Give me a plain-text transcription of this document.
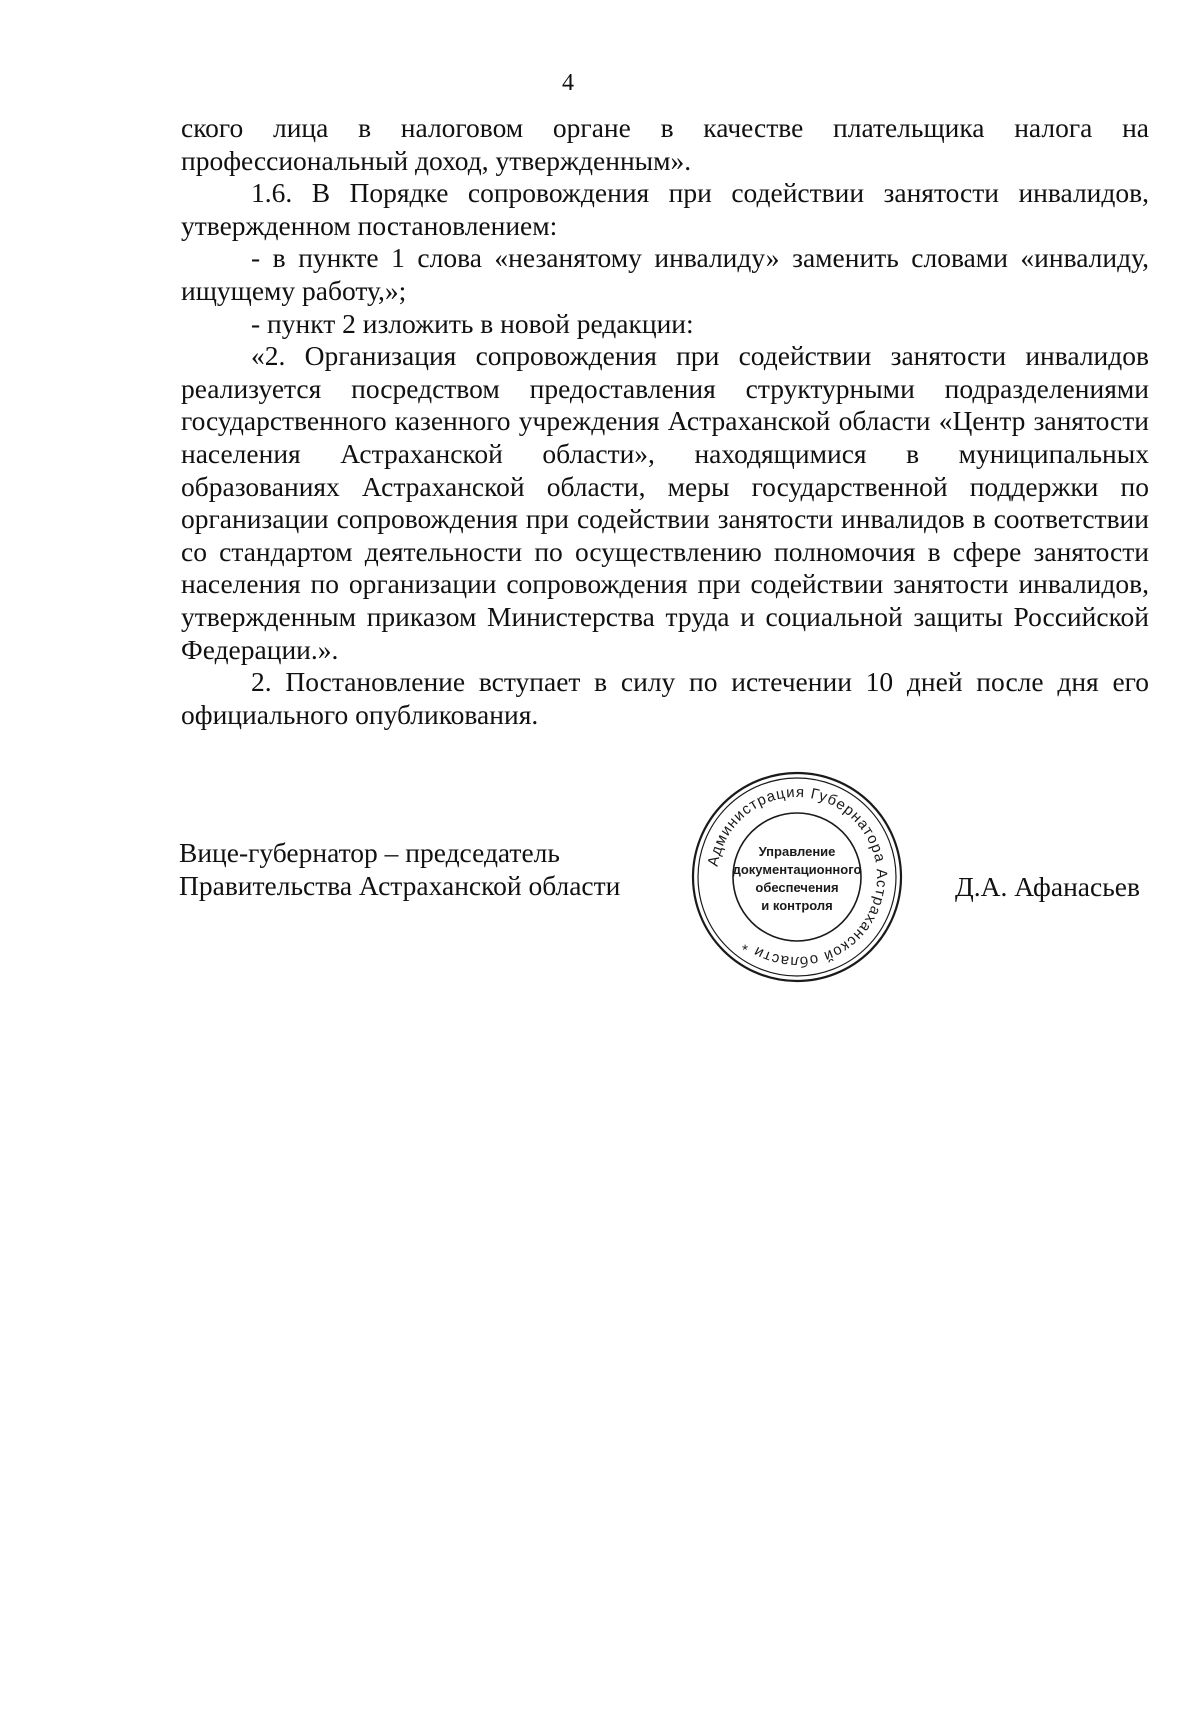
4

ского лица в налоговом органе в качестве плательщика налога на профессиональный доход, утвержденным».

1.6. В Порядке сопровождения при содействии занятости инвалидов, утвержденном постановлением:

- в пункте 1 слова «незанятому инвалиду» заменить словами «инвалиду, ищущему работу,»;

- пункт 2 изложить в новой редакции:

«2. Организация сопровождения при содействии занятости инвалидов реализуется посредством предоставления структурными подразделениями государственного казенного учреждения Астраханской области «Центр занятости населения Астраханской области», находящимися в муниципальных образованиях Астраханской области, меры государственной поддержки по организации сопровождения при содействии занятости инвалидов в соответствии со стандартом деятельности по осуществлению полномочия в сфере занятости населения по организации сопровождения при содействии занятости инвалидов, утвержденным приказом Министерства труда и социальной защиты Российской Федерации.».

2. Постановление вступает в силу по истечении 10 дней после дня его официального опубликования.

Вице-губернатор – председатель
Правительства Астраханской области
Администрация Губернатора Астраханской области *
Управление
документационного
обеспечения
и контроля
Д.А. Афанасьев
